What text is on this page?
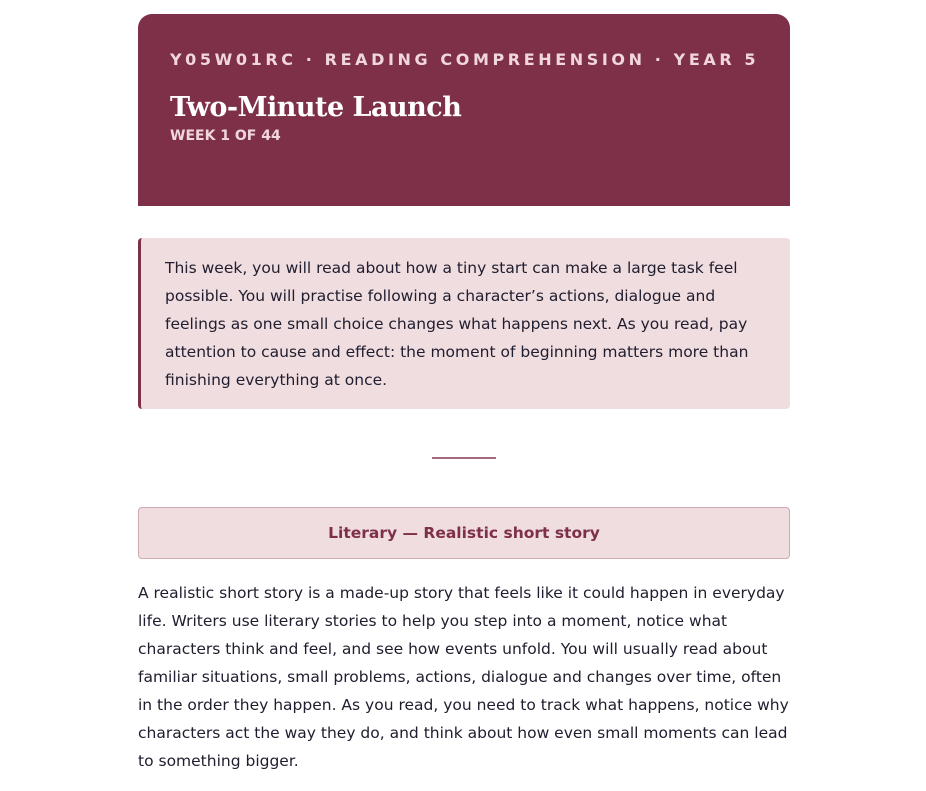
Y05W01RC · READING COMPREHENSION · YEAR 5

Two-Minute Launch

WEEK 1 OF 44

This week, you will read about how a tiny start can make a large task feel possible. You will practise following a character’s actions, dialogue and feelings as one small choice changes what happens next. As you read, pay attention to cause and effect: the moment of beginning matters more than finishing everything at once.
Literary — Realistic short story

A realistic short story is a made-up story that feels like it could happen in everyday life. Writers use literary stories to help you step into a moment, notice what characters think and feel, and see how events unfold. You will usually read about familiar situations, small problems, actions, dialogue and changes over time, often in the order they happen. As you read, you need to track what happens, notice why characters act the way they do, and think about how even small moments can lead to something bigger.
